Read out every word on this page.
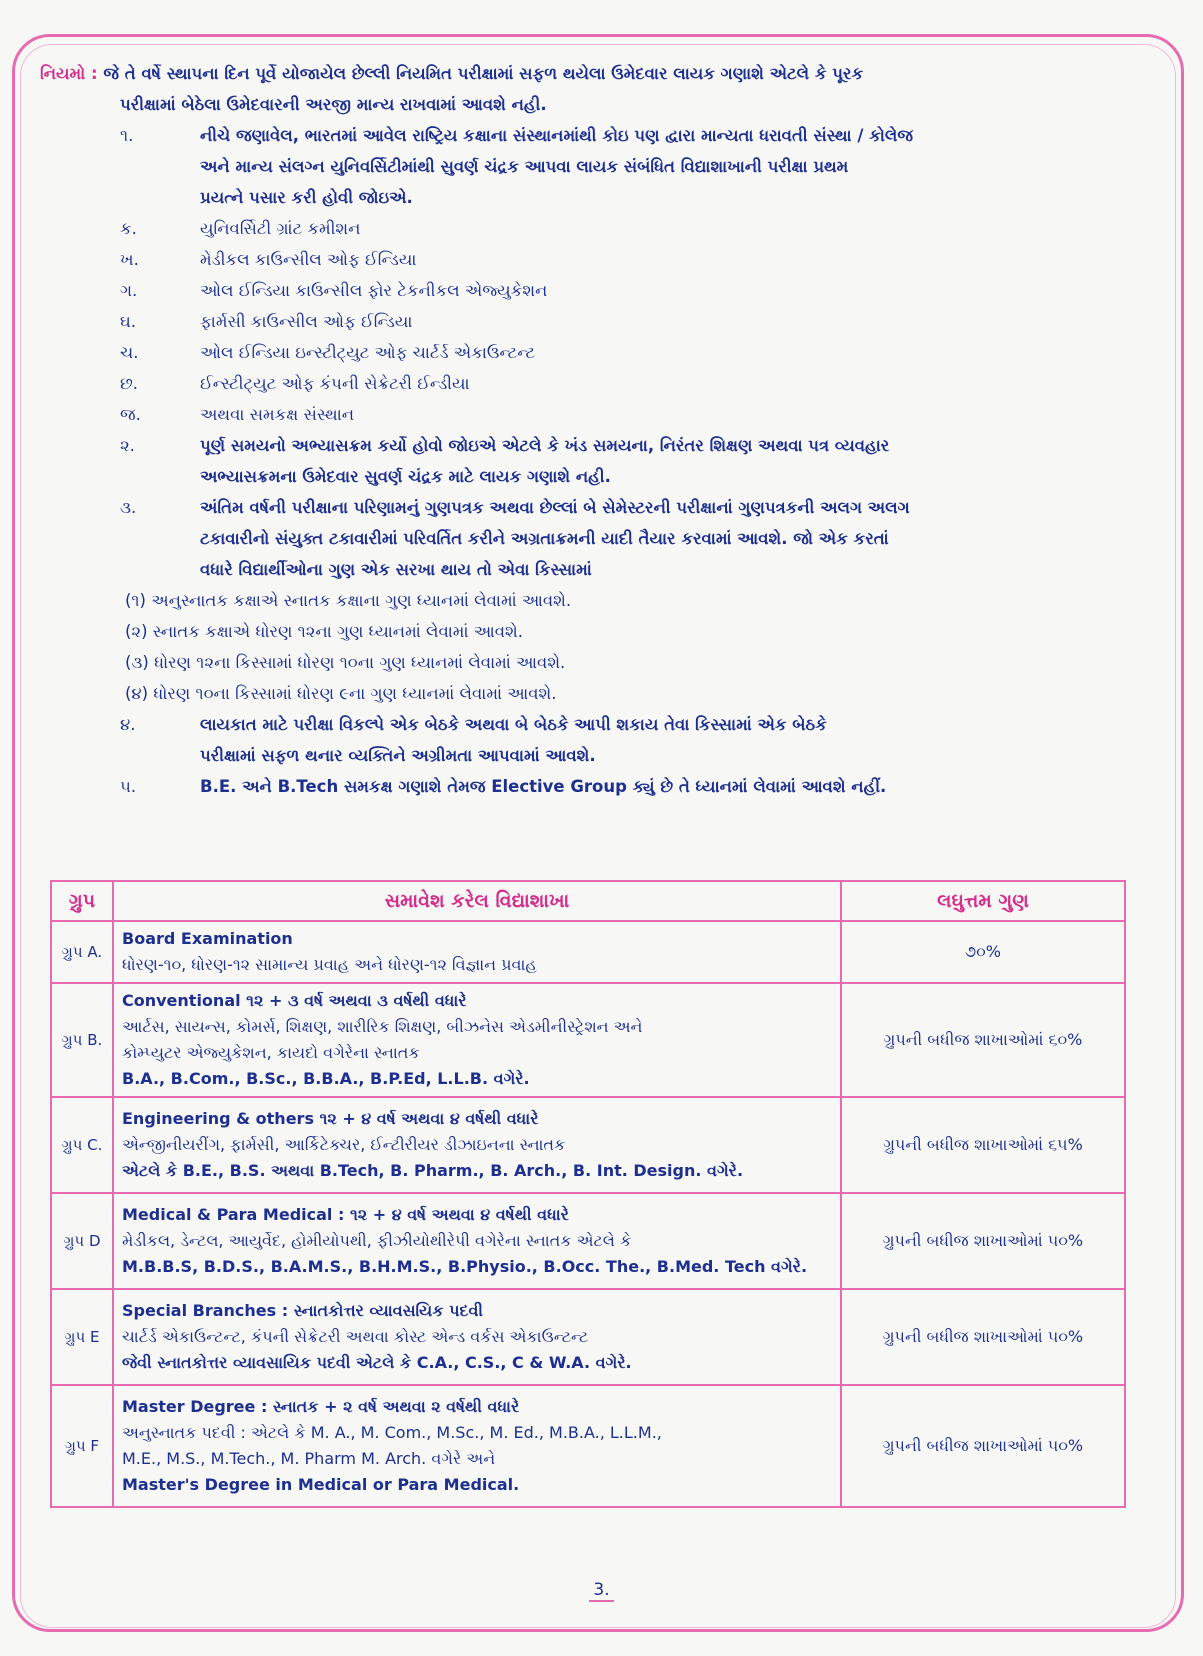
નિયમો : જે તે વર્ષે સ્થાપના દિન પૂર્વે યોજાયેલ છેલ્લી નિયમિત પરીક્ષામાં સફળ થયેલા ઉમેદવાર લાયક ગણાશે એટલે કે પૂરક
પરીક્ષામાં બેઠેલા ઉમેદવારની અરજી માન્ય રાખવામાં આવશે નહી.
૧.	નીચે જણાવેલ, ભારતમાં આવેલ રાષ્ટ્રિય કક્ષાના સંસ્થાનમાંથી કોઇ પણ દ્વારા માન્યતા ધરાવતી સંસ્થા / કોલેજ
અને માન્ય સંલગ્ન યુનિવર્સિટીમાંથી સુવર્ણ ચંદ્રક આપવા લાયક સંબંધિત વિદ્યાશાખાની પરીક્ષા પ્રથમ
પ્રયત્ને પસાર કરી હોવી જોઇએ.
ક.	યુનિવર્સિટી ગ્રાંટ કમીશન
ખ.	મેડીકલ કાઉન્સીલ ઓફ ઈન્ડિયા
ગ.	ઓલ ઈન્ડિયા કાઉન્સીલ ફોર ટેકનીકલ એજ્યુકેશન
ઘ.	ફાર્મસી કાઉન્સીલ ઓફ ઈન્ડિયા
ચ.	ઓલ ઈન્ડિયા ઇન્સ્ટીટ્યુટ ઓફ ચાર્ટર્ડ એકાઉન્ટન્ટ
છ.	ઈન્સ્ટીટ્યુટ ઓફ કંપની સેક્રેટરી ઈન્ડીયા
જ.	અથવા સમકક્ષ સંસ્થાન
૨.	પૂર્ણ સમયનો અભ્યાસક્રમ કર્યો હોવો જોઇએ એટલે કે ખંડ સમયના, નિરંતર શિક્ષણ અથવા પત્ર વ્યવહાર
અભ્યાસક્રમના ઉમેદવાર સુવર્ણ ચંદ્રક માટે લાયક ગણાશે નહી.
૩.	અંતિમ વર્ષની પરીક્ષાના પરિણામનું ગુણપત્રક અથવા છેલ્લાં બે સેમેસ્ટરની પરીક્ષાનાં ગુણપત્રકની અલગ અલગ
ટકાવારીનો સંયુક્ત ટકાવારીમાં પરિવર્તિત કરીને અગ્રતાક્રમની યાદી તૈયાર કરવામાં આવશે. જો એક કરતાં
વધારે વિદ્યાર્થીઓના ગુણ એક સરખા થાય તો એવા કિસ્સામાં
(૧) અનુસ્નાતક કક્ષાએ સ્નાતક કક્ષાના ગુણ ધ્યાનમાં લેવામાં આવશે.
(૨) સ્નાતક કક્ષાએ ધોરણ ૧૨ના ગુણ ધ્યાનમાં લેવામાં આવશે.
(૩) ધોરણ ૧૨ના કિસ્સામાં ધોરણ ૧૦ના ગુણ ધ્યાનમાં લેવામાં આવશે.
(૪) ધોરણ ૧૦ના કિસ્સામાં ધોરણ ૯ના ગુણ ધ્યાનમાં લેવામાં આવશે.
૪.	લાયકાત માટે પરીક્ષા વિકલ્પે એક બેઠકે અથવા બે બેઠકે આપી શકાય તેવા કિસ્સામાં એક બેઠકે
પરીક્ષામાં સફળ થનાર વ્યક્તિને અગ્રીમતા આપવામાં આવશે.
૫.	B.E. અને B.Tech સમકક્ષ ગણાશે તેમજ Elective Group ક્યું છે તે ધ્યાનમાં લેવામાં આવશે નહીં.
ગ્રુપ	સમાવેશ કરેલ વિદ્યાશાખા	લઘુત્તમ ગુણ
ગ્રુપ A.	Board Examination
ધોરણ-૧૦, ધોરણ-૧૨ સામાન્ય પ્રવાહ અને ધોરણ-૧૨ વિજ્ઞાન પ્રવાહ	૭૦%
ગ્રુપ B.	Conventional ૧૨ + ૩ વર્ષ અથવા ૩ વર્ષથી વધારે
આર્ટસ, સાયન્સ, કોમર્સ, શિક્ષણ, શારીરિક શિક્ષણ, બીઝનેસ એડમીનીસ્ટ્રેશન અને
કોમ્પ્યુટર એજ્યુકેશન, કાયદો વગેરેના સ્નાતક
B.A., B.Com., B.Sc., B.B.A., B.P.Ed, L.L.B. વગેરે.	ગ્રુપની બધીજ શાખાઓમાં ૬૦%
ગ્રુપ C.	Engineering & others ૧૨ + ૪ વર્ષ અથવા ૪ વર્ષથી વધારે
એન્જીનીયરીંગ, ફાર્મસી, આર્કિટેક્ચર, ઈન્ટીરીયર ડીઝાઇનના સ્નાતક
એટલે કે B.E., B.S. અથવા B.Tech, B. Pharm., B. Arch., B. Int. Design. વગેરે.	ગ્રુપની બધીજ શાખાઓમાં ૬૫%
ગ્રુપ D	Medical & Para Medical : ૧૨ + ૪ વર્ષ અથવા ૪ વર્ષથી વધારે
મેડીકલ, ડેન્ટલ, આયુર્વેદ, હોમીયોપથી, ફીઝીયોથીરેપી વગેરેના સ્નાતક એટલે કે
M.B.B.S, B.D.S., B.A.M.S., B.H.M.S., B.Physio., B.Occ. The., B.Med. Tech વગેરે.	ગ્રુપની બધીજ શાખાઓમાં ૫૦%
ગ્રુપ E	Special Branches : સ્નાતકોત્તર વ્યાવસયિક પદવી
ચાર્ટર્ડ એકાઉન્ટન્ટ, કંપની સેક્રેટરી અથવા કોસ્ટ એન્ડ વર્કસ એકાઉન્ટન્ટ
જેવી સ્નાતકોત્તર વ્યાવસાયિક પદવી એટલે કે C.A., C.S., C & W.A. વગેરે.	ગ્રુપની બધીજ શાખાઓમાં ૫૦%
ગ્રુપ F	Master Degree : સ્નાતક + ૨ વર્ષ અથવા ૨ વર્ષથી વધારે
અનુસ્નાતક પદવી : એટલે કે M. A., M. Com., M.Sc., M. Ed., M.B.A., L.L.M.,
M.E., M.S., M.Tech., M. Pharm M. Arch. વગેરે અને
Master's Degree in Medical or Para Medical.	ગ્રુપની બધીજ શાખાઓમાં ૫૦%
3.
